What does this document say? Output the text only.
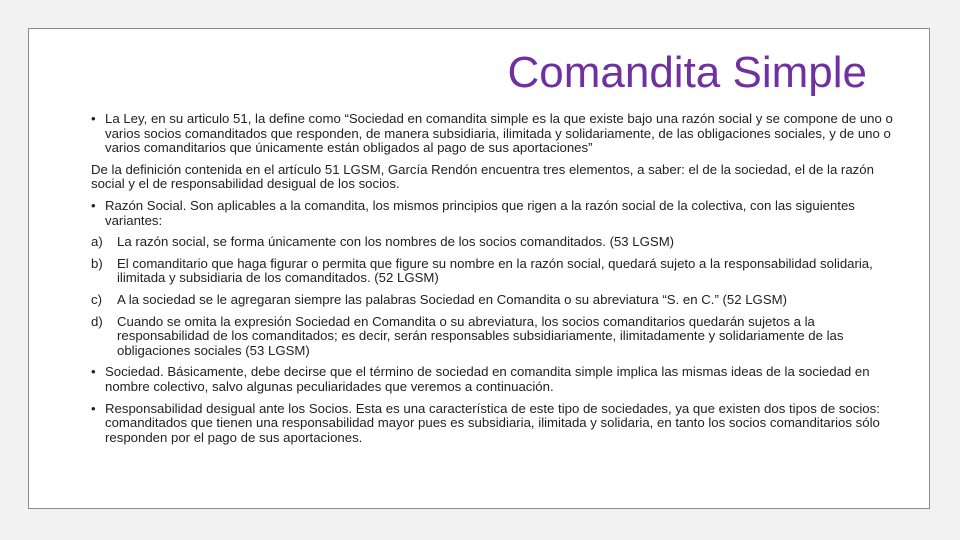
Comandita Simple
• La Ley, en su articulo 51, la define como “Sociedad en comandita simple es la que existe bajo una razón social y se compone de uno o varios socios comanditados que responden, de manera subsidiaria, ilimitada y solidariamente, de las obligaciones sociales, y de uno o varios comanditarios que únicamente están obligados al pago de sus aportaciones”
De la definición contenida en el artículo 51 LGSM, García Rendón encuentra tres elementos, a saber: el de la sociedad, el de la razón social y el de responsabilidad desigual de los socios.
• Razón Social. Son aplicables a la comandita, los mismos principios que rigen a la razón social de la colectiva, con las siguientes variantes:
a)	La razón social, se forma únicamente con los nombres de los socios comanditados. (53 LGSM)
b)	El comanditario que haga figurar o permita que figure su nombre en la razón social, quedará sujeto a la responsabilidad solidaria, ilimitada y subsidiaria de los comanditados. (52 LGSM)
c)	A la sociedad se le agregaran siempre las palabras Sociedad en Comandita o su abreviatura “S. en C.” (52 LGSM)
d)	Cuando se omita la expresión Sociedad en Comandita o su abreviatura, los socios comanditarios quedarán sujetos a la responsabilidad de los comanditados; es decir, serán responsables subsidiariamente, ilimitadamente y solidariamente de las obligaciones sociales (53 LGSM)
• Sociedad. Básicamente, debe decirse que el término de sociedad en comandita simple implica las mismas ideas de la sociedad en nombre colectivo, salvo algunas peculiaridades que veremos a continuación.
• Responsabilidad desigual ante los Socios. Esta es una característica de este tipo de sociedades, ya que existen dos tipos de socios: comanditados que tienen una responsabilidad mayor pues es subsidiaria, ilimitada y solidaria, en tanto los socios comanditarios sólo responden por el pago de sus aportaciones.
